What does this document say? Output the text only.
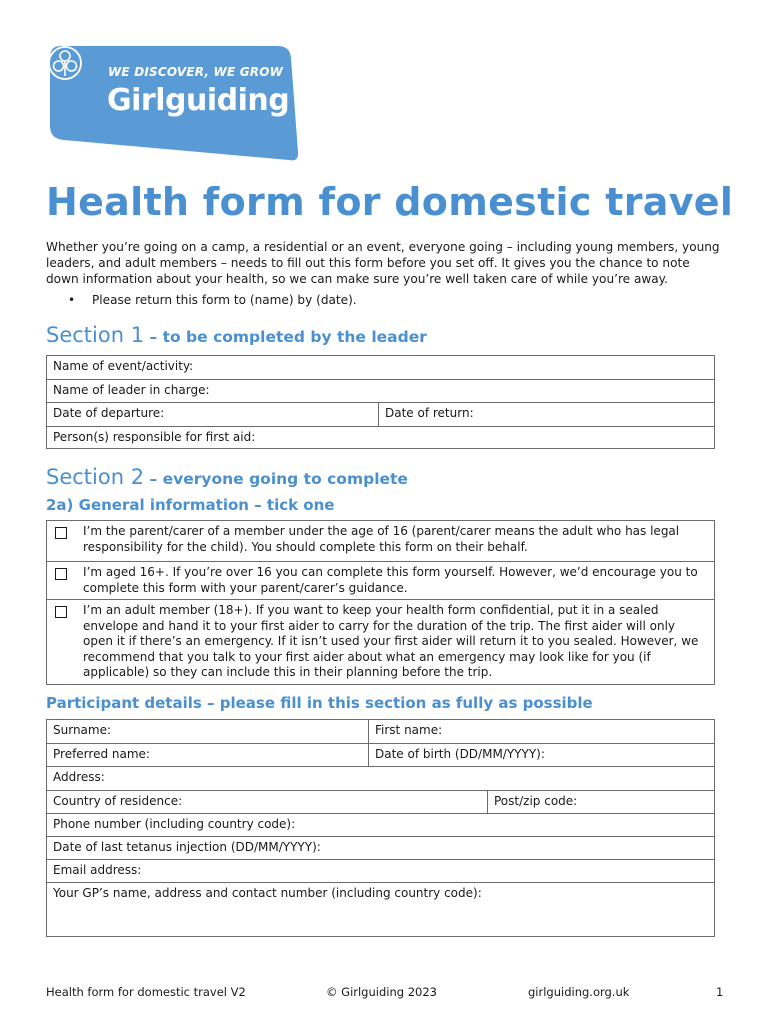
WE DISCOVER, WE GROW
Girlguiding
Health form for domestic travel

Whether you’re going on a camp, a residential or an event, everyone going – including young members, young leaders, and adult members – needs to fill out this form before you set off. It gives you the chance to note down information about your health, so we can make sure you’re well taken care of while you’re away.

• Please return this form to (name) by (date).
Section 1 – to be completed by the leader
Name of event/activity:
Name of leader in charge:
Date of departure:	Date of return:
Person(s) responsible for first aid:
Section 2 – everyone going to complete
2a) General information – tick one
I’m the parent/carer of a member under the age of 16 (parent/carer means the adult who has legal responsibility for the child). You should complete this form on their behalf.
I’m aged 16+. If you’re over 16 you can complete this form yourself. However, we’d encourage you to complete this form with your parent/carer’s guidance.
I’m an adult member (18+). If you want to keep your health form confidential, put it in a sealed envelope and hand it to your first aider to carry for the duration of the trip. The first aider will only open it if there’s an emergency. If it isn’t used your first aider will return it to you sealed. However, we recommend that you talk to your first aider about what an emergency may look like for you (if applicable) so they can include this in their planning before the trip.
Participant details – please fill in this section as fully as possible
Surname:	First name:
Preferred name:	Date of birth (DD/MM/YYYY):
Address:
Country of residence:	Post/zip code:
Phone number (including country code):
Date of last tetanus injection (DD/MM/YYYY):
Email address:
Your GP’s name, address and contact number (including country code):
Health form for domestic travel V2	© Girlguiding 2023	girlguiding.org.uk	1
